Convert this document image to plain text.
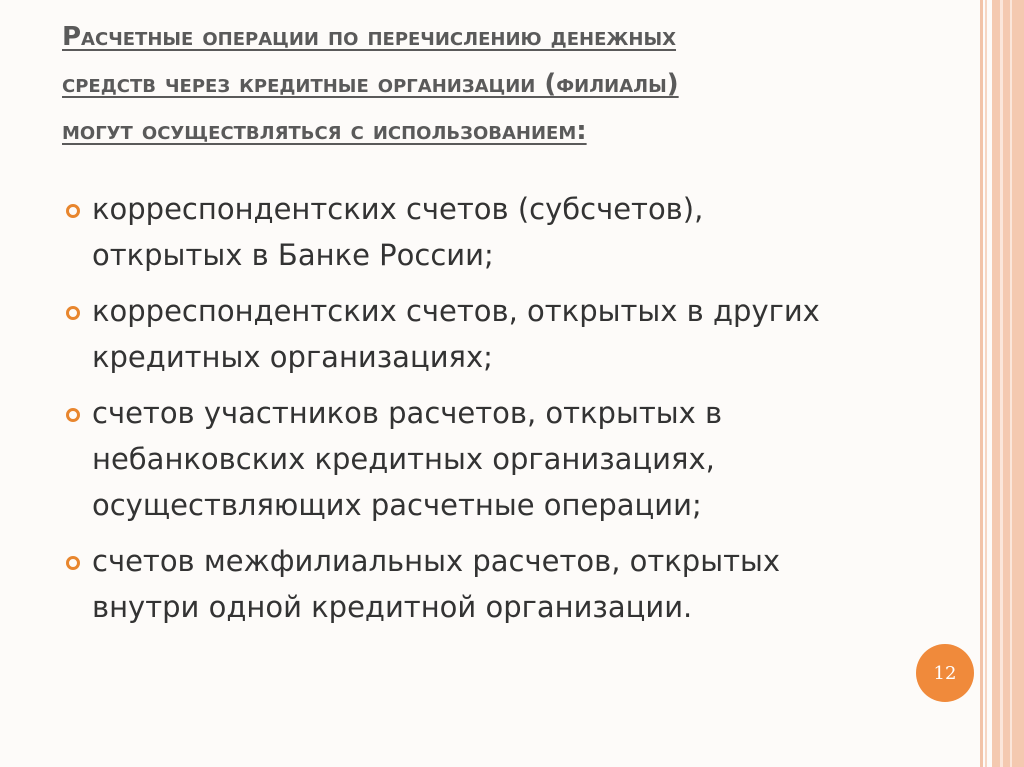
Расчетные операции по перечислению денежных
средств через кредитные организации (филиалы)
могут осуществляться с использованием:
корреспондентских счетов (субсчетов),
открытых в Банке России;
корреспондентских счетов, открытых в других
кредитных организациях;
счетов участников расчетов, открытых в
небанковских кредитных организациях,
осуществляющих расчетные операции;
счетов межфилиальных расчетов, открытых
внутри одной кредитной организации.
12
